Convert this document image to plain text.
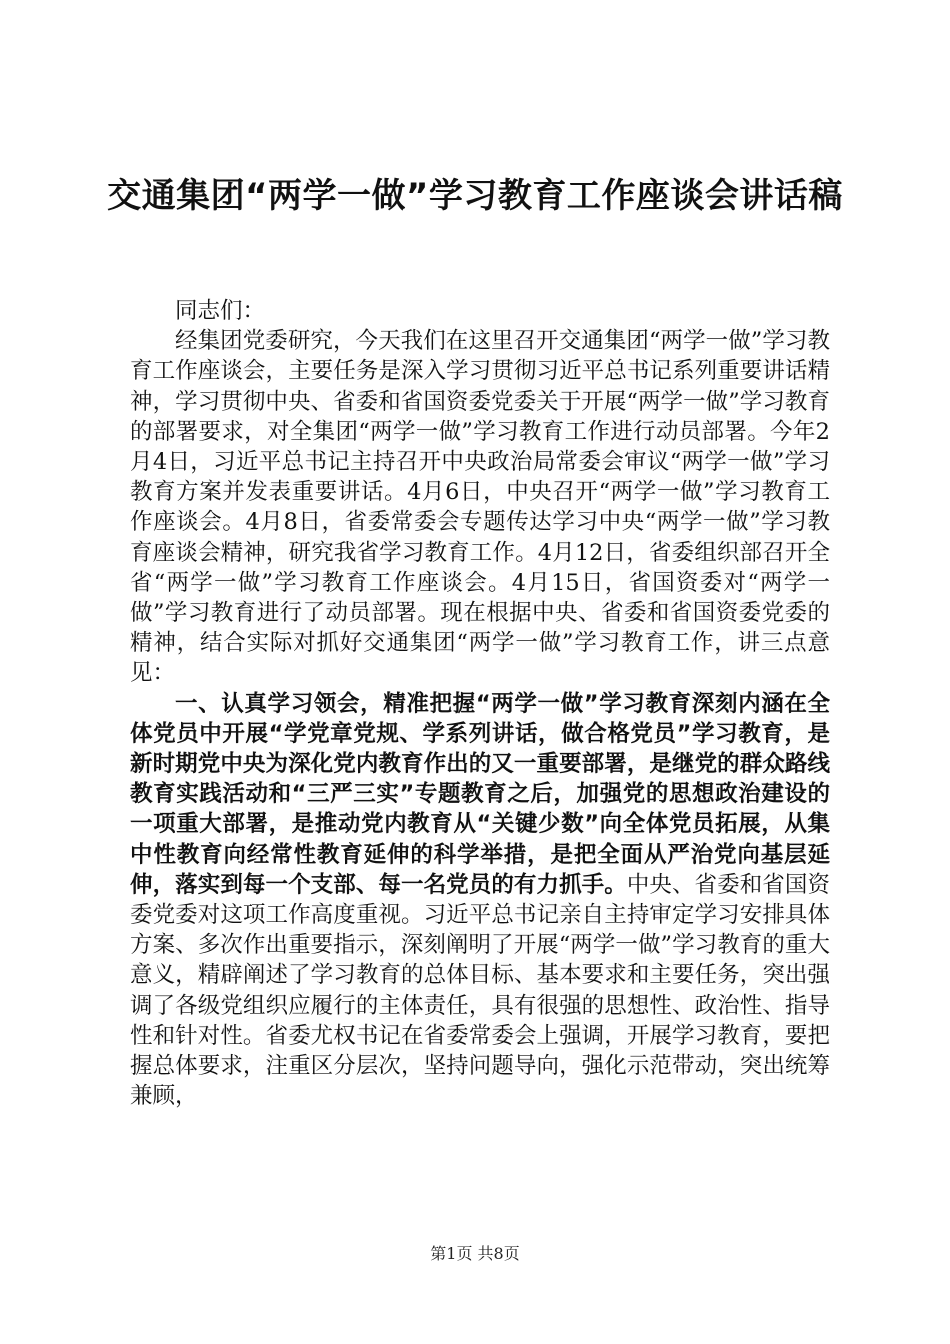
交通集团“两学一做”学习教育工作座谈会讲话稿

同志们：

经集团党委研究，今天我们在这里召开交通集团“两学一做”学习教育工作座谈会，主要任务是深入学习贯彻习近平总书记系列重要讲话精神，学习贯彻中央、省委和省国资委党委关于开展“两学一做”学习教育的部署要求，对全集团“两学一做”学习教育工作进行动员部署。今年2月4日，习近平总书记主持召开中央政治局常委会审议“两学一做”学习教育方案并发表重要讲话。4月6日，中央召开“两学一做”学习教育工作座谈会。4月8日，省委常委会专题传达学习中央“两学一做”学习教育座谈会精神，研究我省学习教育工作。4月12日，省委组织部召开全省“两学一做”学习教育工作座谈会。4月15日，省国资委对“两学一做”学习教育进行了动员部署。现在根据中央、省委和省国资委党委的精神，结合实际对抓好交通集团“两学一做”学习教育工作，讲三点意见：

一、认真学习领会，精准把握“两学一做”学习教育深刻内涵在全体党员中开展“学党章党规、学系列讲话，做合格党员”学习教育，是新时期党中央为深化党内教育作出的又一重要部署，是继党的群众路线教育实践活动和“三严三实”专题教育之后，加强党的思想政治建设的一项重大部署，是推动党内教育从“关键少数”向全体党员拓展，从集中性教育向经常性教育延伸的科学举措，是把全面从严治党向基层延伸，落实到每一个支部、每一名党员的有力抓手。中央、省委和省国资委党委对这项工作高度重视。习近平总书记亲自主持审定学习安排具体方案、多次作出重要指示，深刻阐明了开展“两学一做”学习教育的重大意义，精辟阐述了学习教育的总体目标、基本要求和主要任务，突出强调了各级党组织应履行的主体责任，具有很强的思想性、政治性、指导性和针对性。省委尤权书记在省委常委会上强调，开展学习教育，要把握总体要求，注重区分层次，坚持问题导向，强化示范带动，突出统筹兼顾，

第1页 共8页
